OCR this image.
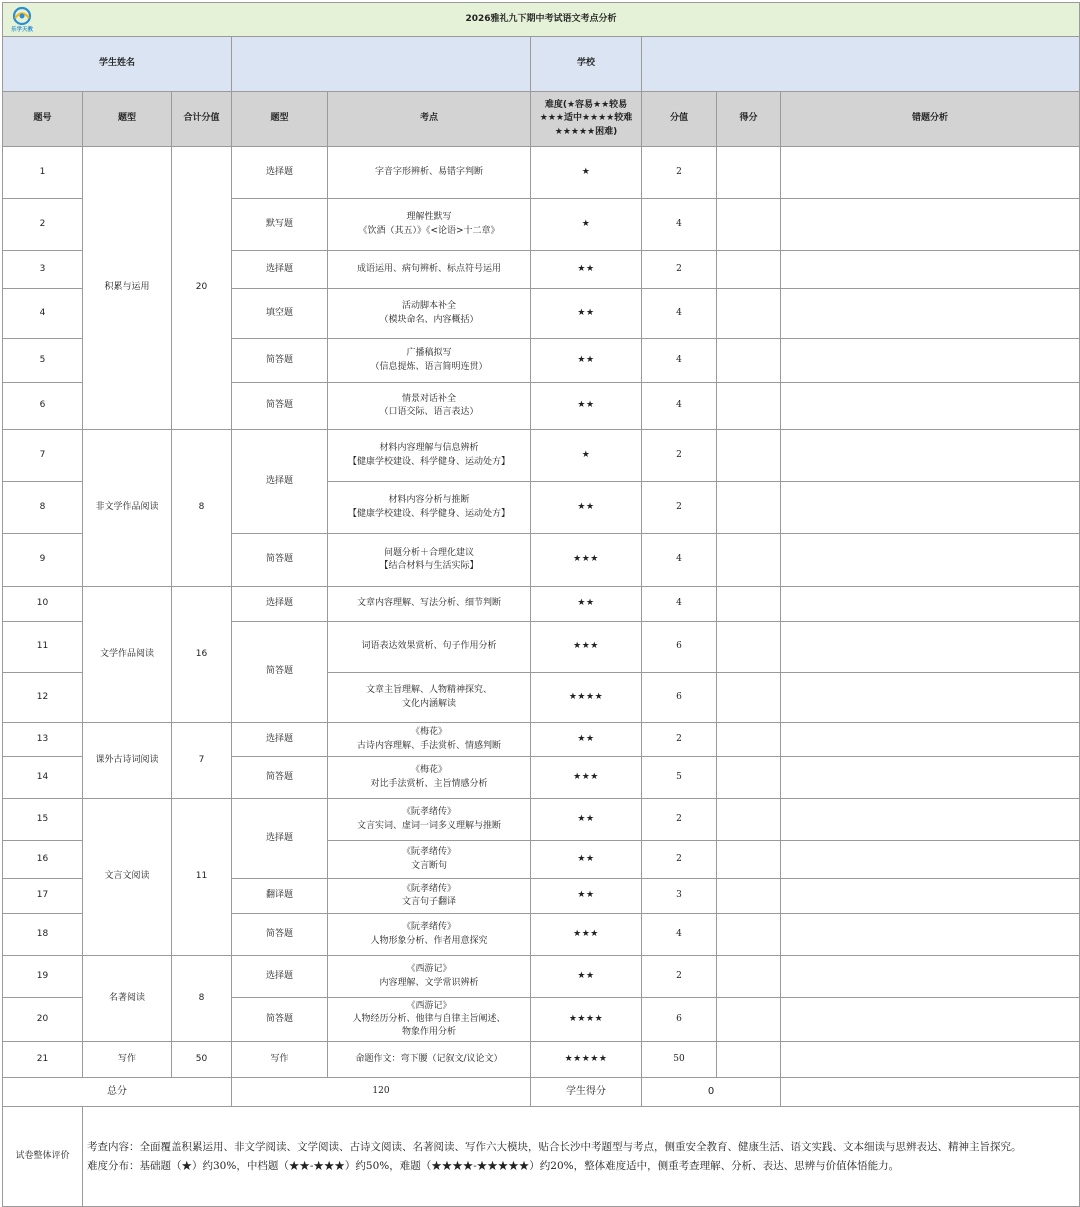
乐学天教
2026雅礼九下期中考试语文考点分析								
学生姓名					学校			
题号	题型	合计分值	题型	考点	难度(★容易★★较易★★★适中★★★★较难★★★★★困难)	分值	得分	错题分析
1	积累与运用	20	选择题	字音字形辨析、易错字判断	★	2		
2			默写题	理解性默写
《饮酒（其五）》《<论语>十二章》	★	4		
3			选择题	成语运用、病句辨析、标点符号运用	★★	2		
4			填空题	活动脚本补全
（模块命名、内容概括）	★★	4		
5			简答题	广播稿拟写
（信息提炼、语言简明连贯）	★★	4		
6			简答题	情景对话补全
（口语交际、语言表达）	★★	4		
7	非文学作品阅读	8	选择题	材料内容理解与信息辨析
【健康学校建设、科学健身、运动处方】	★	2		
8				材料内容分析与推断
【健康学校建设、科学健身、运动处方】	★★	2		
9			简答题	问题分析＋合理化建议
【结合材料与生活实际】	★★★	4		
10	文学作品阅读	16	选择题	文章内容理解、写法分析、细节判断	★★	4		
11			简答题	词语表达效果赏析、句子作用分析	★★★	6		
12				文章主旨理解、人物精神探究、
文化内涵解读	★★★★	6		
13	课外古诗词阅读	7	选择题	《梅花》
古诗内容理解、手法赏析、情感判断	★★	2		
14			简答题	《梅花》
对比手法赏析、主旨情感分析	★★★	5		
15	文言文阅读	11	选择题	《阮孝绪传》
文言实词、虚词一词多义理解与推断	★★	2		
16				《阮孝绪传》
文言断句	★★	2		
17			翻译题	《阮孝绪传》
文言句子翻译	★★	3		
18			简答题	《阮孝绪传》
人物形象分析、作者用意探究	★★★	4		
19	名著阅读	8	选择题	《西游记》
内容理解、文学常识辨析	★★	2		
20			简答题	《西游记》
人物经历分析、他律与自律主旨阐述、
物象作用分析	★★★★	6		
21	写作	50	写作	命题作文：弯下腰（记叙文/议论文）	★★★★★	50		
总分			120		学生得分	0		
试卷整体评价	考查内容：全面覆盖积累运用、非文学阅读、文学阅读、古诗文阅读、名著阅读、写作六大模块，贴合长沙中考题型与考点，侧重安全教育、健康生活、语文实践、文本细读与思辨表达、精神主旨探究。
难度分布：基础题（★）约30%，中档题（★★-★★★）约50%，难题（★★★★-★★★★★）约20%，整体难度适中，侧重考查理解、分析、表达、思辨与价值体悟能力。							
